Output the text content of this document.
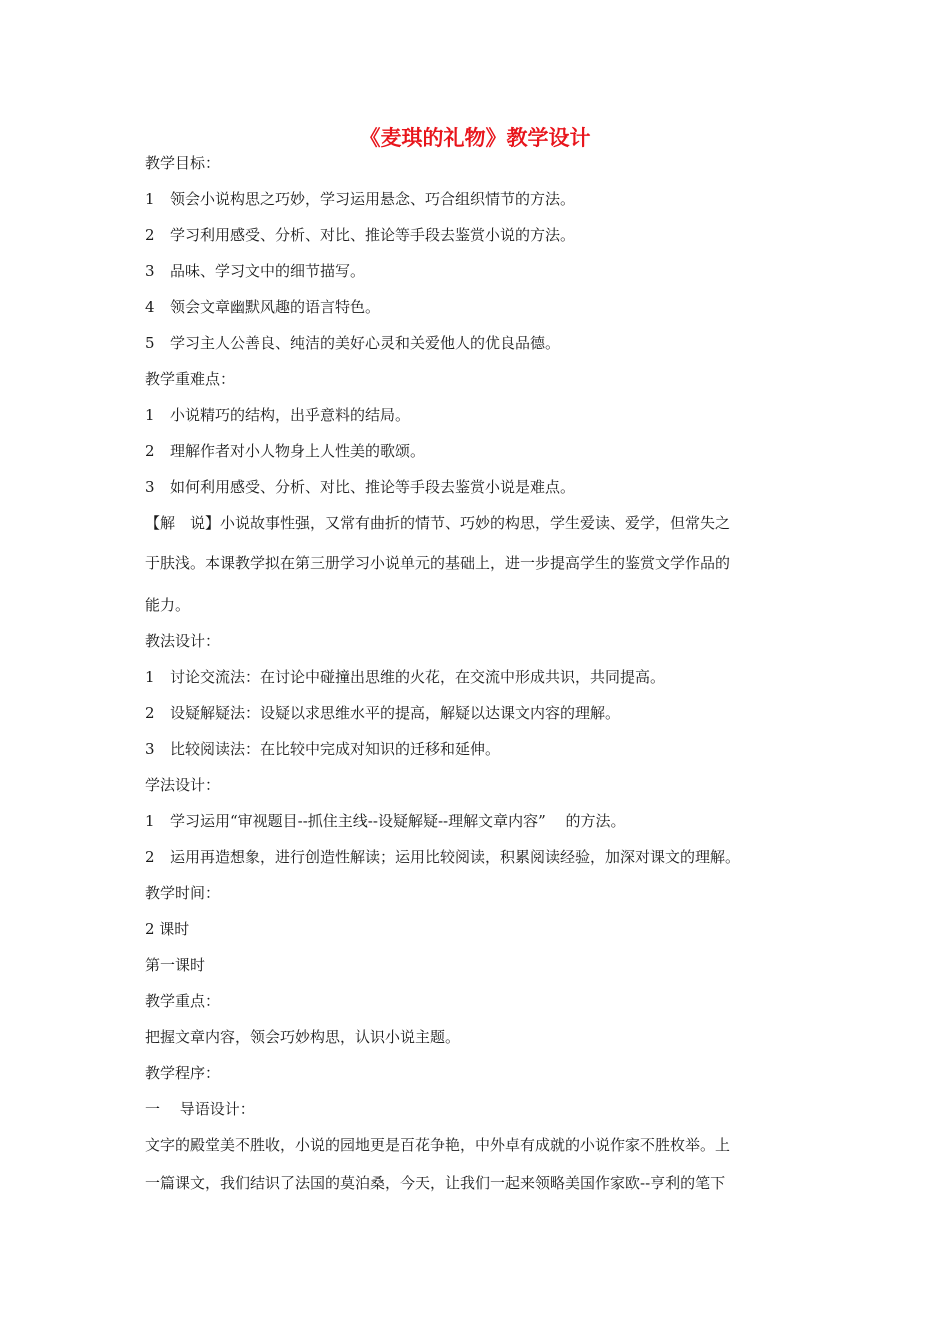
《麦琪的礼物》教学设计
教学目标：
1 领会小说构思之巧妙，学习运用悬念、巧合组织情节的方法。
2 学习利用感受、分析、对比、推论等手段去鉴赏小说的方法。
3 品味、学习文中的细节描写。
4 领会文章幽默风趣的语言特色。
5 学习主人公善良、纯洁的美好心灵和关爱他人的优良品德。
教学重难点：
1 小说精巧的结构，出乎意料的结局。
2 理解作者对小人物身上人性美的歌颂。
3 如何利用感受、分析、对比、推论等手段去鉴赏小说是难点。
【解　说】小说故事性强，又常有曲折的情节、巧妙的构思，学生爱读、爱学，但常失之
于肤浅。本课教学拟在第三册学习小说单元的基础上，进一步提高学生的鉴赏文学作品的
能力。
教法设计：
1 讨论交流法：在讨论中碰撞出思维的火花，在交流中形成共识，共同提高。
2 设疑解疑法：设疑以求思维水平的提高，解疑以达课文内容的理解。
3 比较阅读法：在比较中完成对知识的迁移和延伸。
学法设计：
1 学习运用“审视题目--抓住主线--设疑解疑--理解文章内容”　 的方法。
2 运用再造想象，进行创造性解读；运用比较阅读，积累阅读经验，加深对课文的理解。
教学时间：
2 课时
第一课时
教学重点：
把握文章内容，领会巧妙构思，认识小说主题。
教学程序：
一　 导语设计：
文字的殿堂美不胜收，小说的园地更是百花争艳，中外卓有成就的小说作家不胜枚举。上
一篇课文，我们结识了法国的莫泊桑，今天，让我们一起来领略美国作家欧--亨利的笔下
